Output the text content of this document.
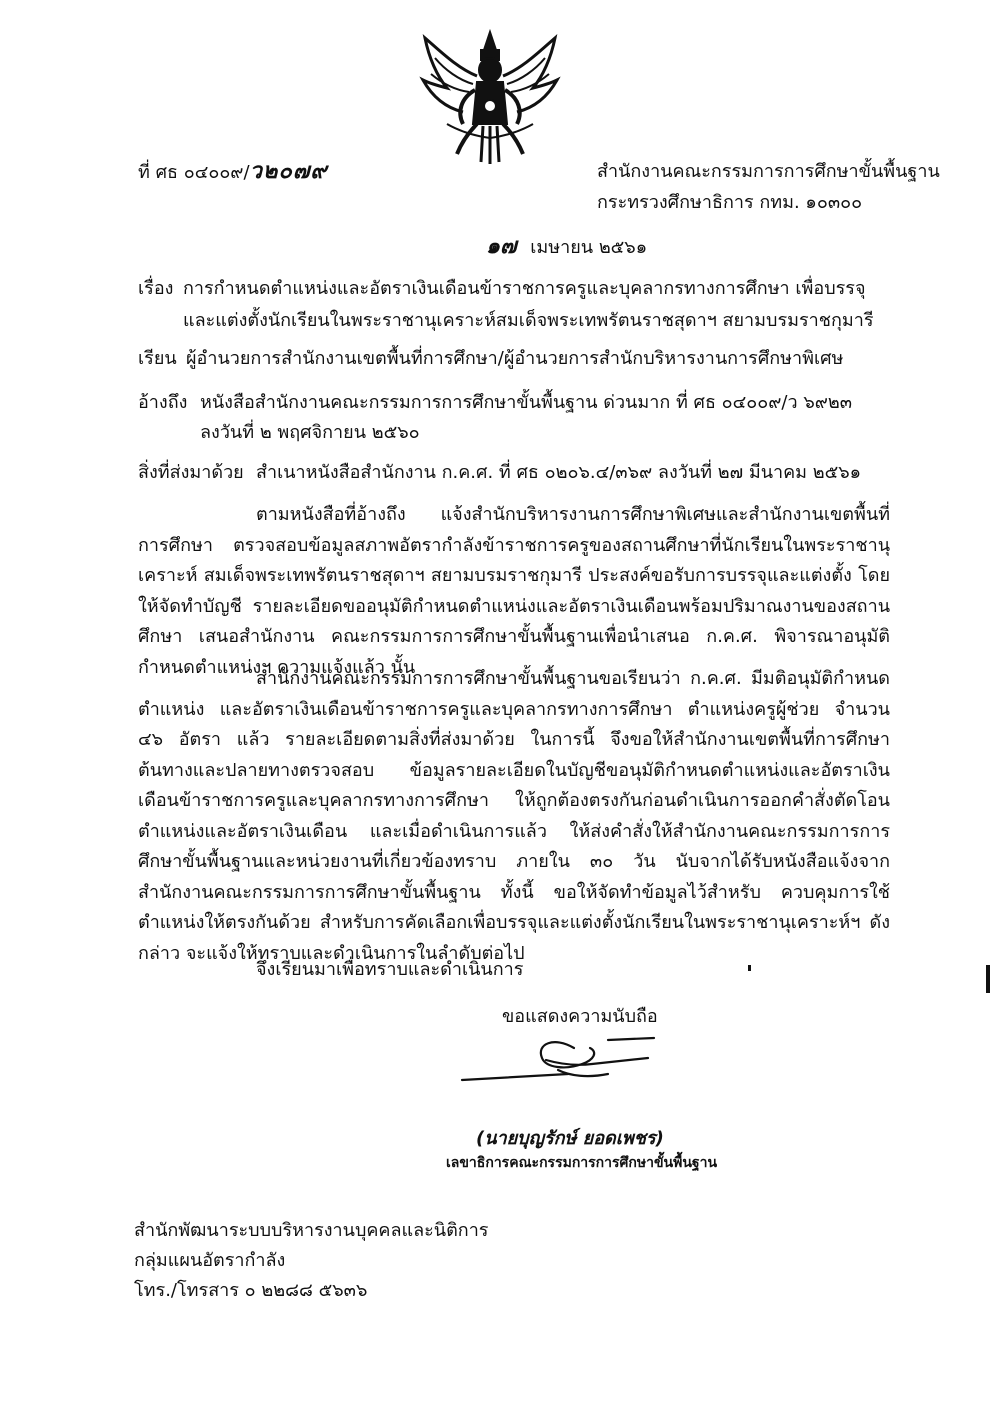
ที่ ศธ ๐๔๐๐๙/ว๒๐๗๙	สำนักงานคณะกรรมการการศึกษาขั้นพื้นฐาน
กระทรวงศึกษาธิการ กทม. ๑๐๓๐๐
๑๗ เมษายน ๒๕๖๑
เรื่อง การกำหนดตำแหน่งและอัตราเงินเดือนข้าราชการครูและบุคลากรทางการศึกษา เพื่อบรรจุ
และแต่งตั้งนักเรียนในพระราชานุเคราะห์สมเด็จพระเทพรัตนราชสุดาฯ สยามบรมราชกุมารี
เรียน ผู้อำนวยการสำนักงานเขตพื้นที่การศึกษา/ผู้อำนวยการสำนักบริหารงานการศึกษาพิเศษ
อ้างถึง หนังสือสำนักงานคณะกรรมการการศึกษาขั้นพื้นฐาน ด่วนมาก ที่ ศธ ๐๔๐๐๙/ว ๖๙๒๓
ลงวันที่ ๒ พฤศจิกายน ๒๕๖๐
สิ่งที่ส่งมาด้วย สำเนาหนังสือสำนักงาน ก.ค.ศ. ที่ ศธ ๐๒๐๖.๔/๓๖๙ ลงวันที่ ๒๗ มีนาคม ๒๕๖๑
ตามหนังสือที่อ้างถึง แจ้งสำนักบริหารงานการศึกษาพิเศษและสำนักงานเขตพื้นที่การศึกษา ตรวจสอบข้อมูลสภาพอัตรากำลังข้าราชการครูของสถานศึกษาที่นักเรียนในพระราชานุเคราะห์ สมเด็จพระเทพรัตนราชสุดาฯ สยามบรมราชกุมารี ประสงค์ขอรับการบรรจุและแต่งตั้ง โดยให้จัดทำบัญชี รายละเอียดขออนุมัติกำหนดตำแหน่งและอัตราเงินเดือนพร้อมปริมาณงานของสถานศึกษา เสนอสำนักงาน คณะกรรมการการศึกษาขั้นพื้นฐานเพื่อนำเสนอ ก.ค.ศ. พิจารณาอนุมัติกำหนดตำแหน่งฯ ความแจ้งแล้ว นั้น
สำนักงานคณะกรรมการการศึกษาขั้นพื้นฐานขอเรียนว่า ก.ค.ศ. มีมติอนุมัติกำหนดตำแหน่ง และอัตราเงินเดือนข้าราชการครูและบุคลากรทางการศึกษา ตำแหน่งครูผู้ช่วย จำนวน ๔๖ อัตรา แล้ว รายละเอียดตามสิ่งที่ส่งมาด้วย ในการนี้ จึงขอให้สำนักงานเขตพื้นที่การศึกษาต้นทางและปลายทางตรวจสอบ ข้อมูลรายละเอียดในบัญชีขอนุมัติกำหนดตำแหน่งและอัตราเงินเดือนข้าราชการครูและบุคลากรทางการศึกษา ให้ถูกต้องตรงกันก่อนดำเนินการออกคำสั่งตัดโอนตำแหน่งและอัตราเงินเดือน และเมื่อดำเนินการแล้ว ให้ส่งคำสั่งให้สำนักงานคณะกรรมการการศึกษาขั้นพื้นฐานและหน่วยงานที่เกี่ยวข้องทราบ ภายใน ๓๐ วัน นับจากได้รับหนังสือแจ้งจากสำนักงานคณะกรรมการการศึกษาขั้นพื้นฐาน ทั้งนี้ ขอให้จัดทำข้อมูลไว้สำหรับ ควบคุมการใช้ตำแหน่งให้ตรงกันด้วย สำหรับการคัดเลือกเพื่อบรรจุและแต่งตั้งนักเรียนในพระราชานุเคราะห์ฯ ดังกล่าว จะแจ้งให้ทราบและดำเนินการในลำดับต่อไป
จึงเรียนมาเพื่อทราบและดำเนินการ
ขอแสดงความนับถือ
(นายบุญรักษ์ ยอดเพชร)
เลขาธิการคณะกรรมการการศึกษาขั้นพื้นฐาน
สำนักพัฒนาระบบบริหารงานบุคคลและนิติการ
กลุ่มแผนอัตรากำลัง
โทร./โทรสาร ๐ ๒๒๘๘ ๕๖๓๖
